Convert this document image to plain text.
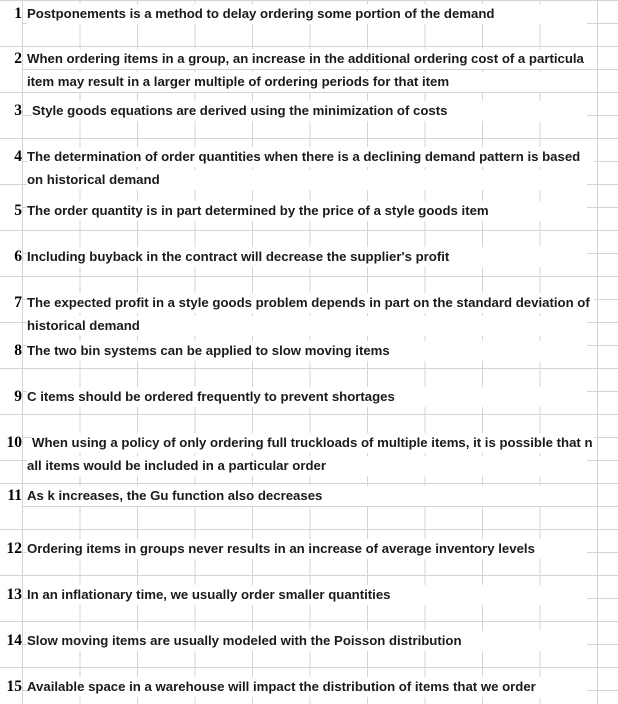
1 Postponements is a method to delay ordering some portion of the demand
2 When ordering items in a group, an increase in the additional ordering cost of a particula
item may result in a larger multiple of ordering periods for that item
3 Style goods equations are derived using the minimization of costs
4 The determination of order quantities when there is a declining demand pattern is based
on historical demand
5 The order quantity is in part determined by the price of a style goods item
6 Including buyback in the contract will decrease the supplier's profit
7 The expected profit in a style goods problem depends in part on the standard deviation of
historical demand
8 The two bin systems can be applied to slow moving items
9 C items should be ordered frequently to prevent shortages
10 When using a policy of only ordering full truckloads of multiple items, it is possible that n
all items would be included in a particular order
11 As k increases, the Gu function also decreases
12 Ordering items in groups never results in an increase of average inventory levels
13 In an inflationary time, we usually order smaller quantities
14 Slow moving items are usually modeled with the Poisson distribution
15 Available space in a warehouse will impact the distribution of items that we order
